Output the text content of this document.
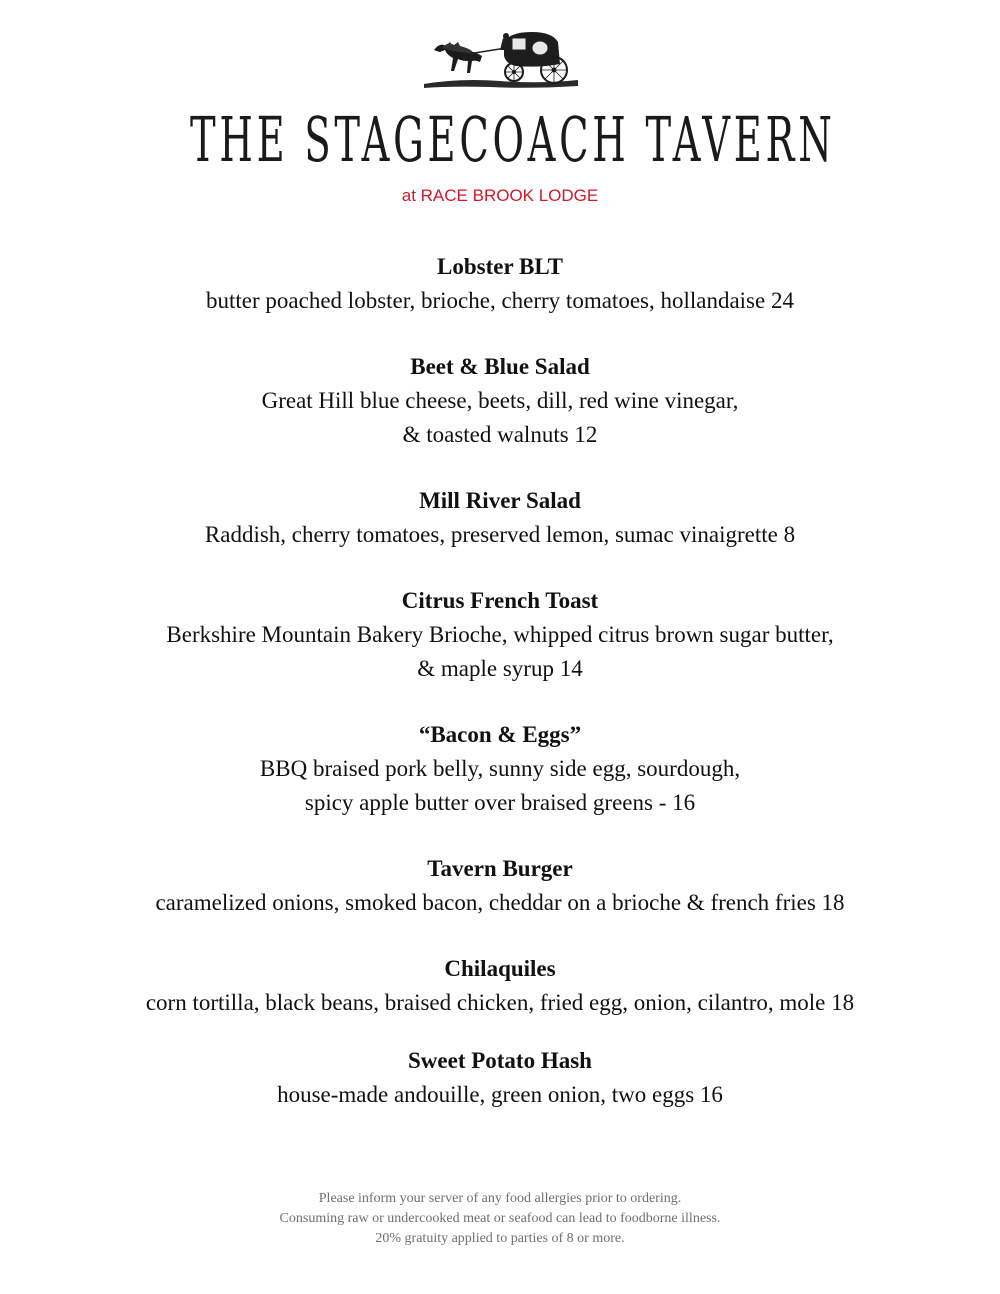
THE STAGECOACH TAVERN
at RACE BROOK LODGE
Lobster BLT
butter poached lobster, brioche, cherry tomatoes, hollandaise 24
Beet & Blue Salad
Great Hill blue cheese, beets, dill, red wine vinegar,
& toasted walnuts 12
Mill River Salad
Raddish, cherry tomatoes, preserved lemon, sumac vinaigrette 8
Citrus French Toast
Berkshire Mountain Bakery Brioche, whipped citrus brown sugar butter,
& maple syrup 14
“Bacon & Eggs”
BBQ braised pork belly, sunny side egg, sourdough,
spicy apple butter over braised greens - 16
Tavern Burger
caramelized onions, smoked bacon, cheddar on a brioche & french fries 18
Chilaquiles
corn tortilla, black beans, braised chicken, fried egg, onion, cilantro, mole 18
Sweet Potato Hash
house-made andouille, green onion, two eggs 16
Please inform your server of any food allergies prior to ordering.
Consuming raw or undercooked meat or seafood can lead to foodborne illness.
20% gratuity applied to parties of 8 or more.
